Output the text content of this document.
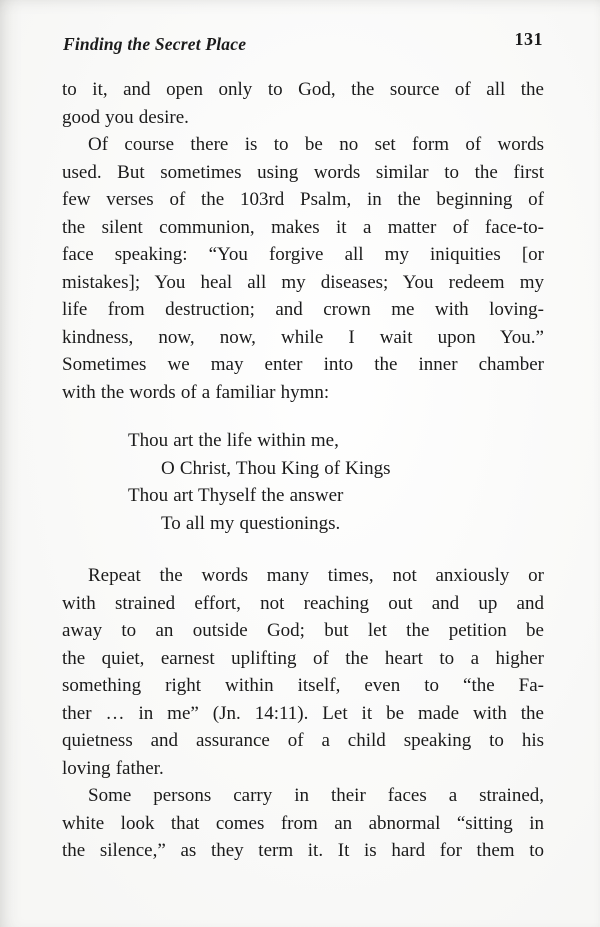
Finding the Secret Place	131
to it, and open only to God, the source of all the
good you desire.
Of course there is to be no set form of words
used. But sometimes using words similar to the first
few verses of the 103rd Psalm, in the beginning of
the silent communion, makes it a matter of face-to-
face speaking: “You forgive all my iniquities [or
mistakes]; You heal all my diseases; You redeem my
life from destruction; and crown me with loving-
kindness, now, now, while I wait upon You.”
Sometimes we may enter into the inner chamber
with the words of a familiar hymn:
Thou art the life within me,
O Christ, Thou King of Kings
Thou art Thyself the answer
To all my questionings.
Repeat the words many times, not anxiously or
with strained effort, not reaching out and up and
away to an outside God; but let the petition be
the quiet, earnest uplifting of the heart to a higher
something right within itself, even to “the Fa-
ther … in me” (Jn. 14:11). Let it be made with the
quietness and assurance of a child speaking to his
loving father.
Some persons carry in their faces a strained,
white look that comes from an abnormal “sitting in
the silence,” as they term it. It is hard for them to
